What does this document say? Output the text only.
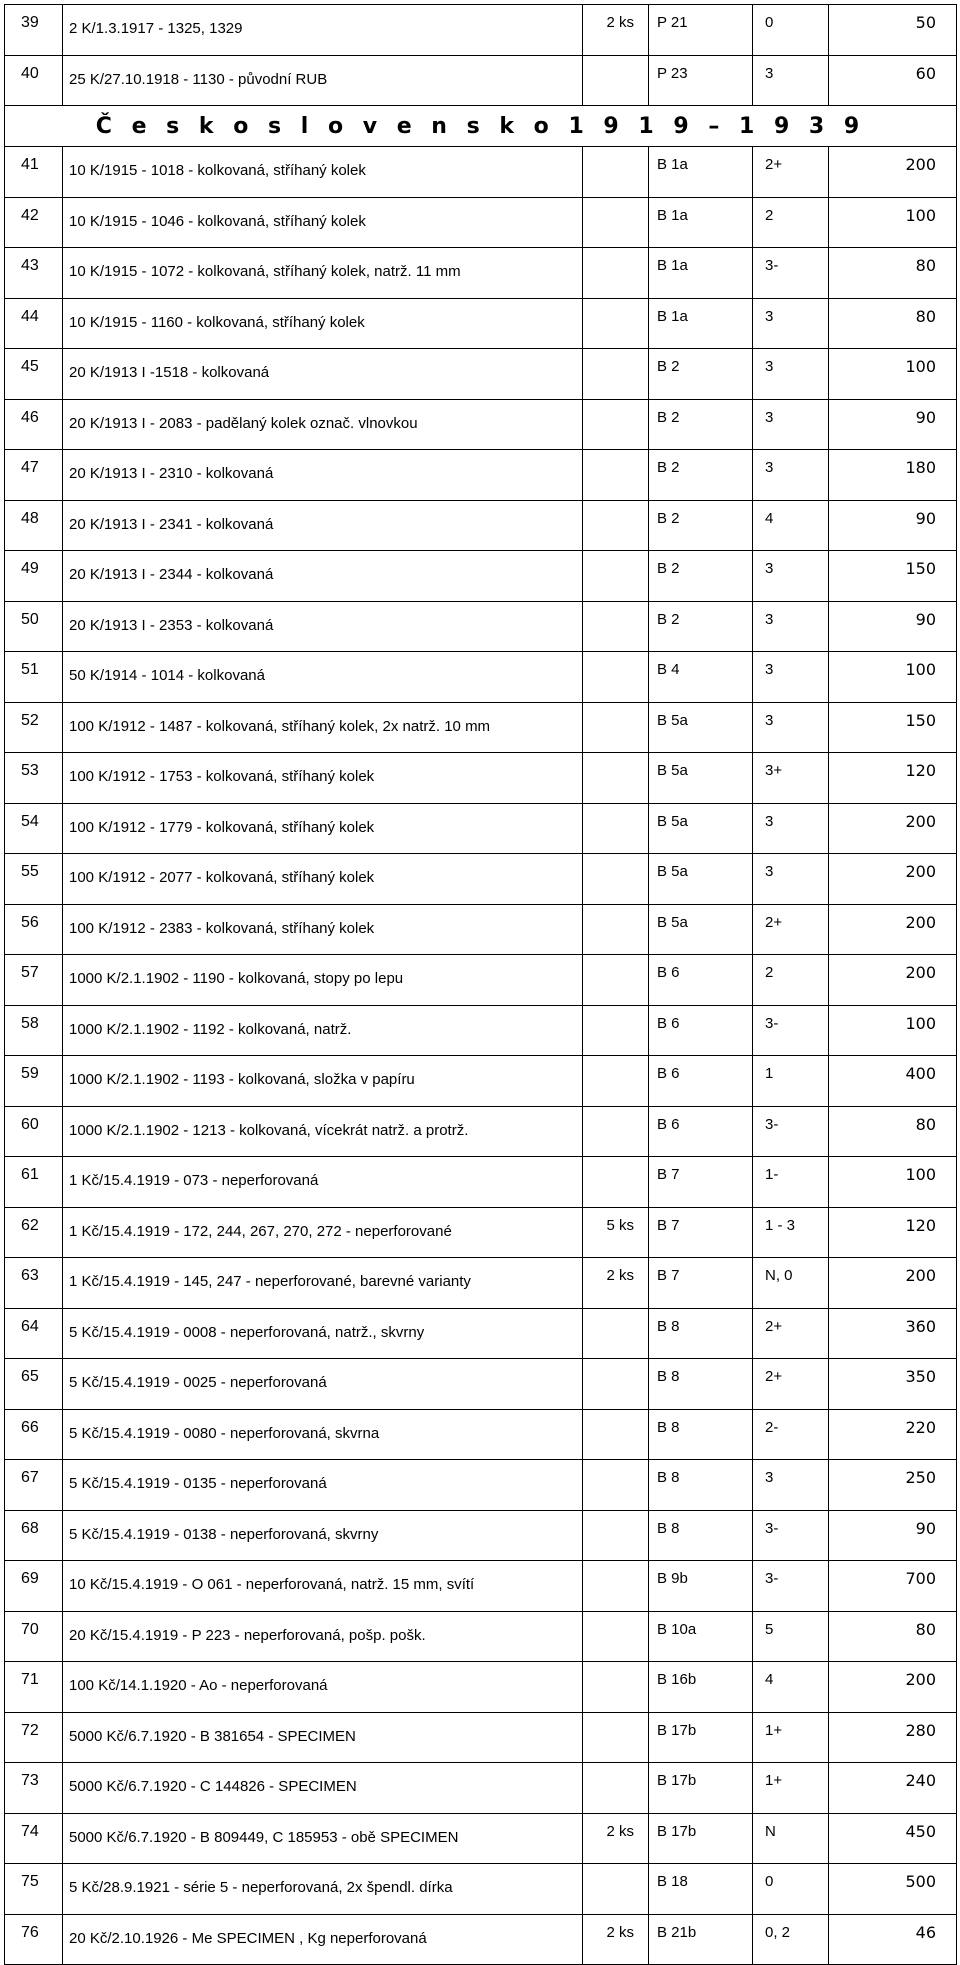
39	2 K/1.3.1917 - 1325, 1329	2 ks	P 21	0	50
40	25 K/27.10.1918 - 1130 - původní RUB		P 23	3	60
Č e s k o s l o v e n s k o 1 9 1 9 – 1 9 3 9					
41	10 K/1915 - 1018 - kolkovaná, stříhaný kolek		B 1a	2+	200
42	10 K/1915 - 1046 - kolkovaná, stříhaný kolek		B 1a	2	100
43	10 K/1915 - 1072 - kolkovaná, stříhaný kolek, natrž. 11 mm		B 1a	3-	80
44	10 K/1915 - 1160 - kolkovaná, stříhaný kolek		B 1a	3	80
45	20 K/1913 I -1518 - kolkovaná		B 2	3	100
46	20 K/1913 I - 2083 - padělaný kolek označ. vlnovkou		B 2	3	90
47	20 K/1913 I - 2310 - kolkovaná		B 2	3	180
48	20 K/1913 I - 2341 - kolkovaná		B 2	4	90
49	20 K/1913 I - 2344 - kolkovaná		B 2	3	150
50	20 K/1913 I - 2353 - kolkovaná		B 2	3	90
51	50 K/1914 - 1014 - kolkovaná		B 4	3	100
52	100 K/1912 - 1487 - kolkovaná, stříhaný kolek, 2x natrž. 10 mm		B 5a	3	150
53	100 K/1912 - 1753 - kolkovaná, stříhaný kolek		B 5a	3+	120
54	100 K/1912 - 1779 - kolkovaná, stříhaný kolek		B 5a	3	200
55	100 K/1912 - 2077 - kolkovaná, stříhaný kolek		B 5a	3	200
56	100 K/1912 - 2383 - kolkovaná, stříhaný kolek		B 5a	2+	200
57	1000 K/2.1.1902 - 1190 - kolkovaná, stopy po lepu		B 6	2	200
58	1000 K/2.1.1902 - 1192 - kolkovaná, natrž.		B 6	3-	100
59	1000 K/2.1.1902 - 1193 - kolkovaná, složka v papíru		B 6	1	400
60	1000 K/2.1.1902 - 1213 - kolkovaná, vícekrát natrž. a protrž.		B 6	3-	80
61	1 Kč/15.4.1919 - 073 - neperforovaná		B 7	1-	100
62	1 Kč/15.4.1919 - 172, 244, 267, 270, 272 - neperforované	5 ks	B 7	1 - 3	120
63	1 Kč/15.4.1919 - 145, 247 - neperforované, barevné varianty	2 ks	B 7	N, 0	200
64	5 Kč/15.4.1919 - 0008 - neperforovaná, natrž., skvrny		B 8	2+	360
65	5 Kč/15.4.1919 - 0025 - neperforovaná		B 8	2+	350
66	5 Kč/15.4.1919 - 0080 - neperforovaná, skvrna		B 8	2-	220
67	5 Kč/15.4.1919 - 0135 - neperforovaná		B 8	3	250
68	5 Kč/15.4.1919 - 0138 - neperforovaná, skvrny		B 8	3-	90
69	10 Kč/15.4.1919 - O 061 - neperforovaná, natrž. 15 mm, svítí		B 9b	3-	700
70	20 Kč/15.4.1919 - P 223 - neperforovaná, pošp. pošk.		B 10a	5	80
71	100 Kč/14.1.1920 - Ao - neperforovaná		B 16b	4	200
72	5000 Kč/6.7.1920 - B 381654 - SPECIMEN		B 17b	1+	280
73	5000 Kč/6.7.1920 - C 144826 - SPECIMEN		B 17b	1+	240
74	5000 Kč/6.7.1920 - B 809449, C 185953 - obě SPECIMEN	2 ks	B 17b	N	450
75	5 Kč/28.9.1921 - série 5 - neperforovaná, 2x špendl. dírka		B 18	0	500
76	20 Kč/2.10.1926 - Me SPECIMEN , Kg neperforovaná	2 ks	B 21b	0, 2	46
